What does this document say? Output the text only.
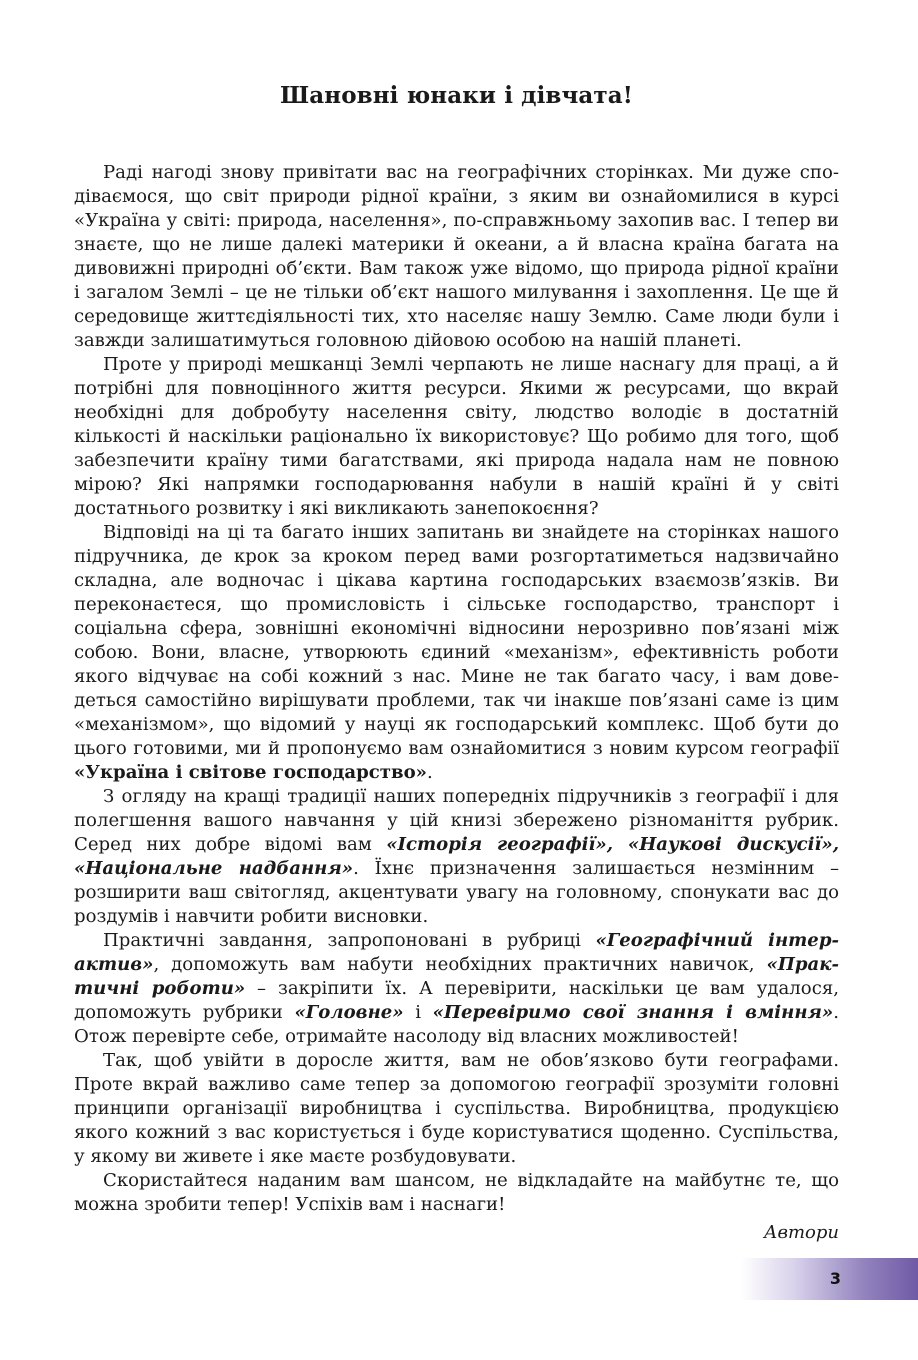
Шановні юнаки і дівчата!

Раді нагоді знову привітати вас на географічних сторінках. Ми дуже сподіваємося, що світ природи рідної країни, з яким ви ознайомилися в курсі «Україна у світі: природа, населення», по-справжньому захопив вас. І тепер ви знаєте, що не лише далекі материки й океани, а й власна країна багата на дивовижні природні об’єкти. Вам також уже відомо, що природа рідної країни і загалом Землі – це не тільки об’єкт нашого милування і захоплення. Це ще й середовище життєдіяльності тих, хто населяє нашу Землю. Саме люди були і завжди залишатимуться головною дійовою особою на нашій планеті.

Проте у природі мешканці Землі черпають не лише наснагу для праці, а й потрібні для повноцінного життя ресурси. Якими ж ресурсами, що вкрай необхідні для добробуту населення світу, людство володіє в достатній кількості й наскільки раціонально їх використовує? Що робимо для того, щоб забезпечити країну тими багатствами, які природа надала нам не повною мірою? Які напрямки господарювання набули в нашій країні й у світі достатнього розвитку і які викликають занепокоєння?

Відповіді на ці та багато інших запитань ви знайдете на сторінках нашого підручника, де крок за кроком перед вами розгортатиметься надзвичайно складна, але водночас і цікава картина господарських взаємозв’язків. Ви переконаєтеся, що промисловість і сільське господарство, транспорт і соціальна сфера, зовнішні економічні відносини нерозривно пов’язані між собою. Вони, власне, утворюють єдиний «механізм», ефективність роботи якого відчуває на собі кожний з нас. Мине не так багато часу, і вам доведеться самостійно вирішувати проблеми, так чи інакше пов’язані саме із цим «механізмом», що відомий у науці як господарський комплекс. Щоб бути до цього готовими, ми й пропонуємо вам ознайомитися з новим курсом географії «Україна і світове господарство».

З огляду на кращі традиції наших попередніх підручників з географії і для полегшення вашого навчання у цій книзі збережено різноманіття рубрик. Серед них добре відомі вам «Історія географії», «Наукові дискусії», «Національне надбання». Їхнє призначення залишається незмінним – розширити ваш світогляд, акцентувати увагу на головному, спонукати вас до роздумів і навчити робити висновки.

Практичні завдання, запропоновані в рубриці «Географічний інтерактив», допоможуть вам набути необхідних практичних навичок, «Практичні роботи» – закріпити їх. А перевірити, наскільки це вам удалося, допоможуть рубрики «Головне» і «Перевіримо свої знання і вміння». Отож перевірте себе, отримайте насолоду від власних можливостей!

Так, щоб увійти в доросле життя, вам не обов’язково бути географами. Проте вкрай важливо саме тепер за допомогою географії зрозуміти головні принципи організації виробництва і суспільства. Виробництва, продукцією якого кожний з вас користується і буде користуватися щоденно. Суспільства, у якому ви живете і яке маєте розбудовувати.

Скористайтеся наданим вам шансом, не відкладайте на майбутнє те, що можна зробити тепер! Успіхів вам і наснаги!

Автори
3
